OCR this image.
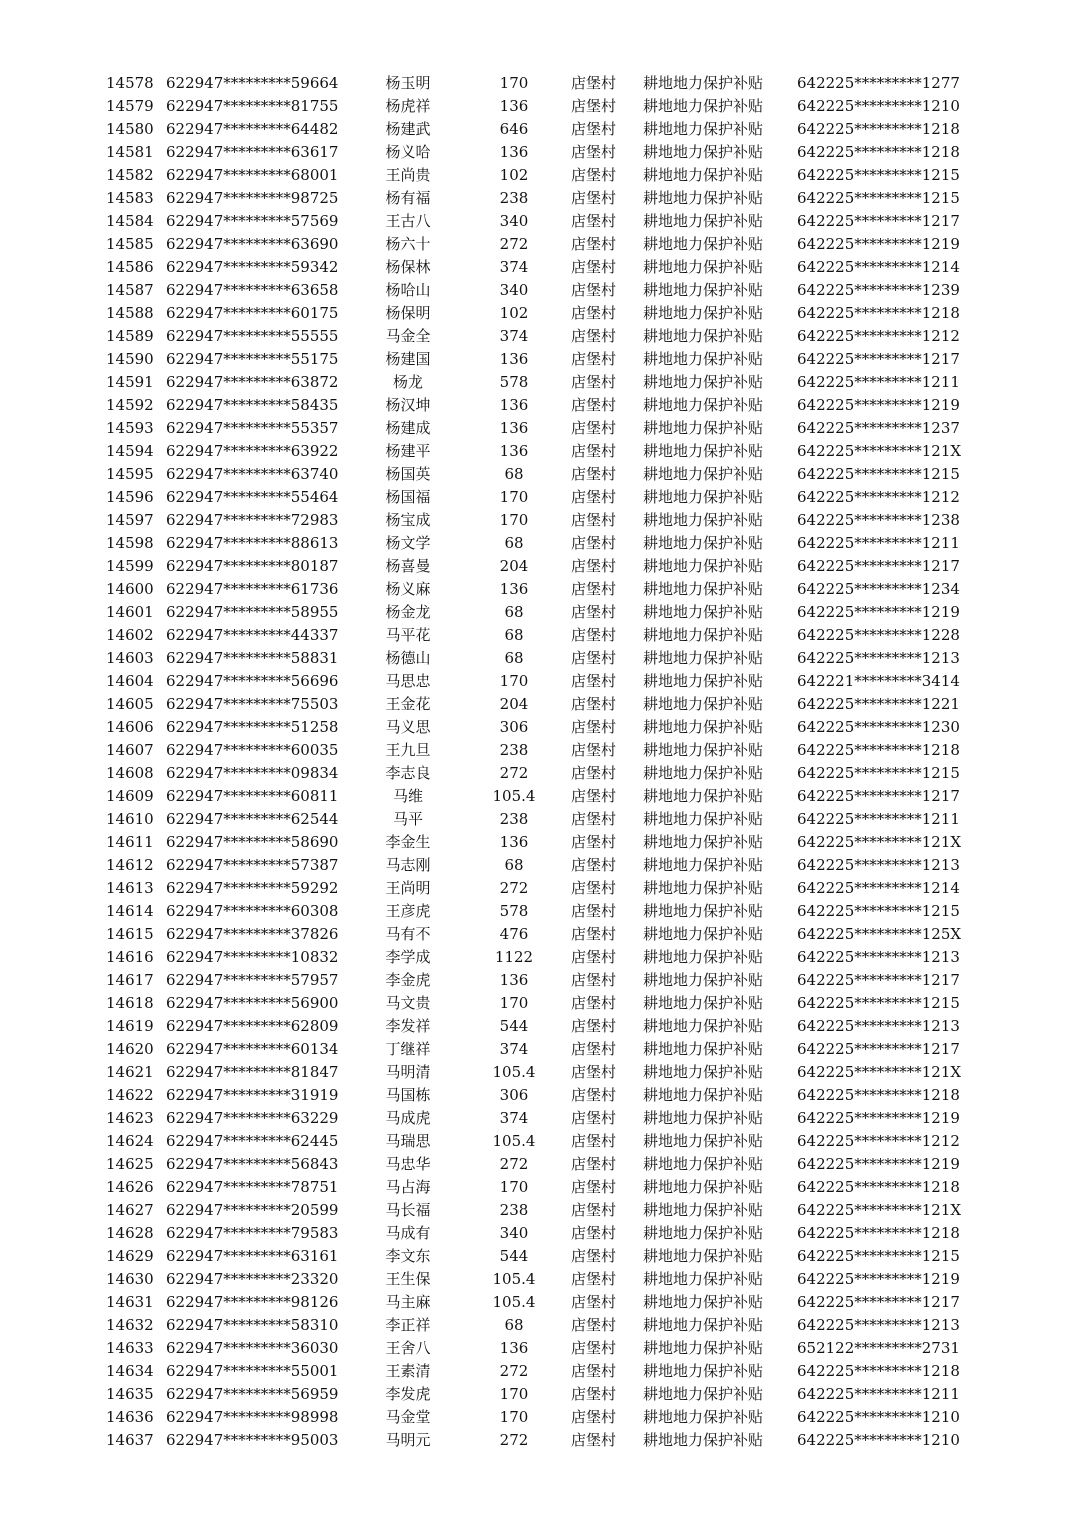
14578 622947*********59664	杨玉明	170	店堡村 耕地地力保护补贴 642225*********1277
14579 622947*********81755	杨虎祥	136	店堡村 耕地地力保护补贴 642225*********1210
14580 622947*********64482	杨建武	646	店堡村 耕地地力保护补贴 642225*********1218
14581 622947*********63617	杨义哈	136	店堡村 耕地地力保护补贴 642225*********1218
14582 622947*********68001	王尚贵	102	店堡村 耕地地力保护补贴 642225*********1215
14583 622947*********98725	杨有福	238	店堡村 耕地地力保护补贴 642225*********1215
14584 622947*********57569	王古八	340	店堡村 耕地地力保护补贴 642225*********1217
14585 622947*********63690	杨六十	272	店堡村 耕地地力保护补贴 642225*********1219
14586 622947*********59342	杨保林	374	店堡村 耕地地力保护补贴 642225*********1214
14587 622947*********63658	杨哈山	340	店堡村 耕地地力保护补贴 642225*********1239
14588 622947*********60175	杨保明	102	店堡村 耕地地力保护补贴 642225*********1218
14589 622947*********55555	马金全	374	店堡村 耕地地力保护补贴 642225*********1212
14590 622947*********55175	杨建国	136	店堡村 耕地地力保护补贴 642225*********1217
14591 622947*********63872	杨龙	578	店堡村 耕地地力保护补贴 642225*********1211
14592 622947*********58435	杨汉坤	136	店堡村 耕地地力保护补贴 642225*********1219
14593 622947*********55357	杨建成	136	店堡村 耕地地力保护补贴 642225*********1237
14594 622947*********63922	杨建平	136	店堡村 耕地地力保护补贴 642225*********121X
14595 622947*********63740	杨国英	68	店堡村 耕地地力保护补贴 642225*********1215
14596 622947*********55464	杨国福	170	店堡村 耕地地力保护补贴 642225*********1212
14597 622947*********72983	杨宝成	170	店堡村 耕地地力保护补贴 642225*********1238
14598 622947*********88613	杨文学	68	店堡村 耕地地力保护补贴 642225*********1211
14599 622947*********80187	杨喜曼	204	店堡村 耕地地力保护补贴 642225*********1217
14600 622947*********61736	杨义麻	136	店堡村 耕地地力保护补贴 642225*********1234
14601 622947*********58955	杨金龙	68	店堡村 耕地地力保护补贴 642225*********1219
14602 622947*********44337	马平花	68	店堡村 耕地地力保护补贴 642225*********1228
14603 622947*********58831	杨德山	68	店堡村 耕地地力保护补贴 642225*********1213
14604 622947*********56696	马思忠	170	店堡村 耕地地力保护补贴 642221*********3414
14605 622947*********75503	王金花	204	店堡村 耕地地力保护补贴 642225*********1221
14606 622947*********51258	马义思	306	店堡村 耕地地力保护补贴 642225*********1230
14607 622947*********60035	王九旦	238	店堡村 耕地地力保护补贴 642225*********1218
14608 622947*********09834	李志良	272	店堡村 耕地地力保护补贴 642225*********1215
14609 622947*********60811	马维	105.4	店堡村 耕地地力保护补贴 642225*********1217
14610 622947*********62544	马平	238	店堡村 耕地地力保护补贴 642225*********1211
14611 622947*********58690	李金生	136	店堡村 耕地地力保护补贴 642225*********121X
14612 622947*********57387	马志刚	68	店堡村 耕地地力保护补贴 642225*********1213
14613 622947*********59292	王尚明	272	店堡村 耕地地力保护补贴 642225*********1214
14614 622947*********60308	王彦虎	578	店堡村 耕地地力保护补贴 642225*********1215
14615 622947*********37826	马有不	476	店堡村 耕地地力保护补贴 642225*********125X
14616 622947*********10832	李学成	1122	店堡村 耕地地力保护补贴 642225*********1213
14617 622947*********57957	李金虎	136	店堡村 耕地地力保护补贴 642225*********1217
14618 622947*********56900	马文贵	170	店堡村 耕地地力保护补贴 642225*********1215
14619 622947*********62809	李发祥	544	店堡村 耕地地力保护补贴 642225*********1213
14620 622947*********60134	丁继祥	374	店堡村 耕地地力保护补贴 642225*********1217
14621 622947*********81847	马明清	105.4	店堡村 耕地地力保护补贴 642225*********121X
14622 622947*********31919	马国栋	306	店堡村 耕地地力保护补贴 642225*********1218
14623 622947*********63229	马成虎	374	店堡村 耕地地力保护补贴 642225*********1219
14624 622947*********62445	马瑞思	105.4	店堡村 耕地地力保护补贴 642225*********1212
14625 622947*********56843	马忠华	272	店堡村 耕地地力保护补贴 642225*********1219
14626 622947*********78751	马占海	170	店堡村 耕地地力保护补贴 642225*********1218
14627 622947*********20599	马长福	238	店堡村 耕地地力保护补贴 642225*********121X
14628 622947*********79583	马成有	340	店堡村 耕地地力保护补贴 642225*********1218
14629 622947*********63161	李文东	544	店堡村 耕地地力保护补贴 642225*********1215
14630 622947*********23320	王生保	105.4	店堡村 耕地地力保护补贴 642225*********1219
14631 622947*********98126	马主麻	105.4	店堡村 耕地地力保护补贴 642225*********1217
14632 622947*********58310	李正祥	68	店堡村 耕地地力保护补贴 642225*********1213
14633 622947*********36030	王舍八	136	店堡村 耕地地力保护补贴 652122*********2731
14634 622947*********55001	王素清	272	店堡村 耕地地力保护补贴 642225*********1218
14635 622947*********56959	李发虎	170	店堡村 耕地地力保护补贴 642225*********1211
14636 622947*********98998	马金堂	170	店堡村 耕地地力保护补贴 642225*********1210
14637 622947*********95003	马明元	272	店堡村 耕地地力保护补贴 642225*********1210
